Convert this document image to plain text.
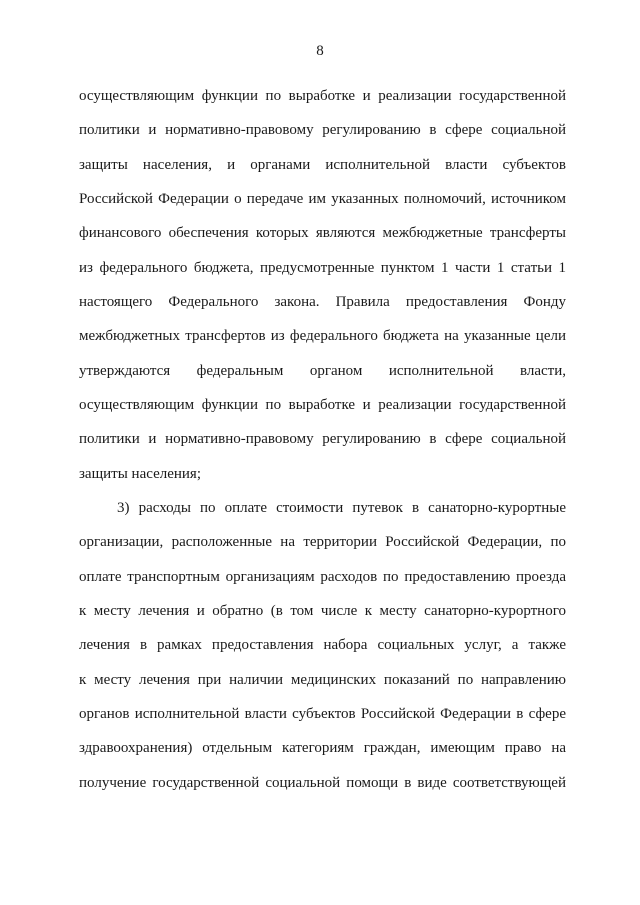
8
осуществляющим функции по выработке и реализации государственной
политики и нормативно-правовому регулированию в сфере социальной
защиты населения, и органами исполнительной власти субъектов
Российской Федерации о передаче им указанных полномочий, источником
финансового обеспечения которых являются межбюджетные трансферты
из федерального бюджета, предусмотренные пунктом 1 части 1 статьи 1
настоящего Федерального закона. Правила предоставления Фонду
межбюджетных трансфертов из федерального бюджета на указанные цели
утверждаются федеральным органом исполнительной власти,
осуществляющим функции по выработке и реализации государственной
политики и нормативно-правовому регулированию в сфере социальной
защиты населения;
3) расходы по оплате стоимости путевок в санаторно-курортные
организации, расположенные на территории Российской Федерации, по
оплате транспортным организациям расходов по предоставлению проезда
к месту лечения и обратно (в том числе к месту санаторно-курортного
лечения в рамках предоставления набора социальных услуг, а также
к месту лечения при наличии медицинских показаний по направлению
органов исполнительной власти субъектов Российской Федерации в сфере
здравоохранения) отдельным категориям граждан, имеющим право на
получение государственной социальной помощи в виде соответствующей
